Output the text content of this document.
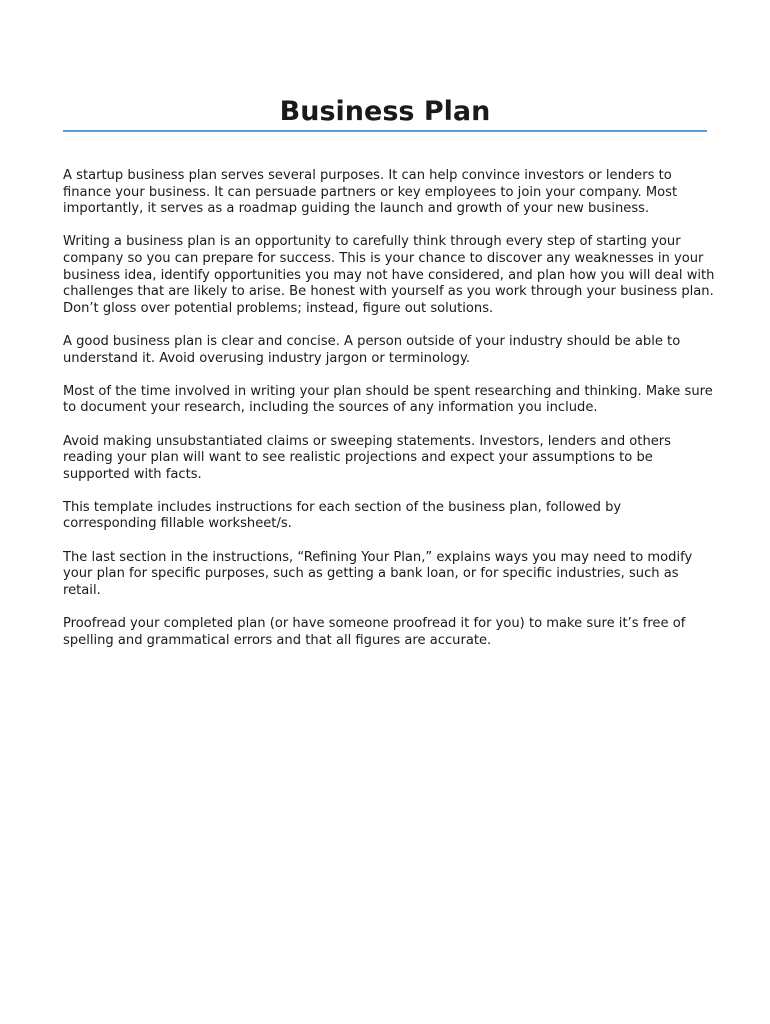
Business Plan

A startup business plan serves several purposes. It can help convince investors or lenders to finance your business. It can persuade partners or key employees to join your company. Most importantly, it serves as a roadmap guiding the launch and growth of your new business.

Writing a business plan is an opportunity to carefully think through every step of starting your company so you can prepare for success. This is your chance to discover any weaknesses in your business idea, identify opportunities you may not have considered, and plan how you will deal with challenges that are likely to arise. Be honest with yourself as you work through your business plan. Don’t gloss over potential problems; instead, figure out solutions.

A good business plan is clear and concise. A person outside of your industry should be able to understand it. Avoid overusing industry jargon or terminology.

Most of the time involved in writing your plan should be spent researching and thinking. Make sure to document your research, including the sources of any information you include.

Avoid making unsubstantiated claims or sweeping statements. Investors, lenders and others reading your plan will want to see realistic projections and expect your assumptions to be supported with facts.

This template includes instructions for each section of the business plan, followed by corresponding fillable worksheet/s.

The last section in the instructions, “Refining Your Plan,” explains ways you may need to modify your plan for specific purposes, such as getting a bank loan, or for specific industries, such as retail.

Proofread your completed plan (or have someone proofread it for you) to make sure it’s free of spelling and grammatical errors and that all figures are accurate.
